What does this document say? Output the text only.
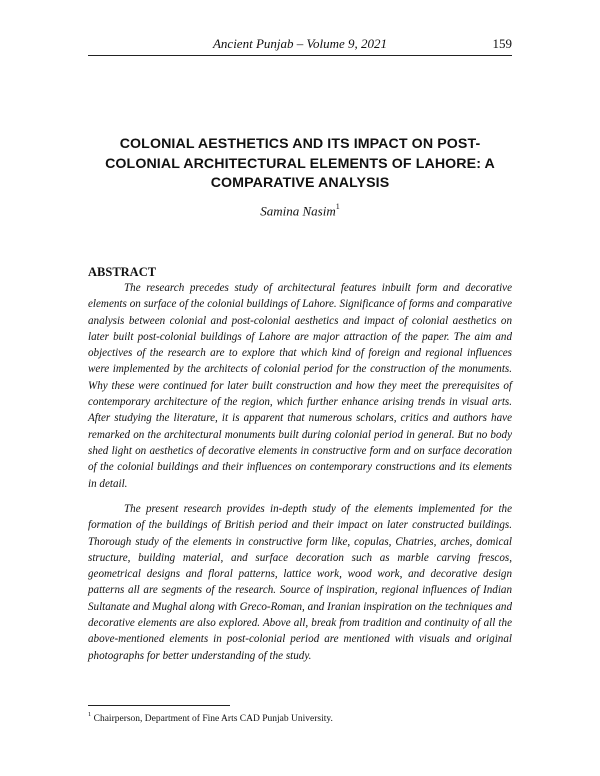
Ancient Punjab – Volume 9, 2021	159
COLONIAL AESTHETICS AND ITS IMPACT ON POST-
COLONIAL ARCHITECTURAL ELEMENTS OF LAHORE: A
COMPARATIVE ANALYSIS
Samina Nasim$^1$
ABSTRACT

The research precedes study of architectural features inbuilt form and decorative elements on surface of the colonial buildings of Lahore. Significance of forms and comparative analysis between colonial and post-colonial aesthetics and impact of colonial aesthetics on later built post-colonial buildings of Lahore are major attraction of the paper. The aim and objectives of the research are to explore that which kind of foreign and regional influences were implemented by the architects of colonial period for the construction of the monuments. Why these were continued for later built construction and how they meet the prerequisites of contemporary architecture of the region, which further enhance arising trends in visual arts. After studying the literature, it is apparent that numerous scholars, critics and authors have remarked on the architectural monuments built during colonial period in general. But no body shed light on aesthetics of decorative elements in constructive form and on surface decoration of the colonial buildings and their influences on contemporary constructions and its elements in detail.

The present research provides in-depth study of the elements implemented for the formation of the buildings of British period and their impact on later constructed buildings. Thorough study of the elements in constructive form like, copulas, Chatries, arches, domical structure, building material, and surface decoration such as marble carving frescos, geometrical designs and floral patterns, lattice work, wood work, and decorative design patterns all are segments of the research. Source of inspiration, regional influences of Indian Sultanate and Mughal along with Greco-Roman, and Iranian inspiration on the techniques and decorative elements are also explored. Above all, break from tradition and continuity of all the above-mentioned elements in post-colonial period are mentioned with visuals and original photographs for better understanding of the study.

$^1$ Chairperson, Department of Fine Arts CAD Punjab University.
